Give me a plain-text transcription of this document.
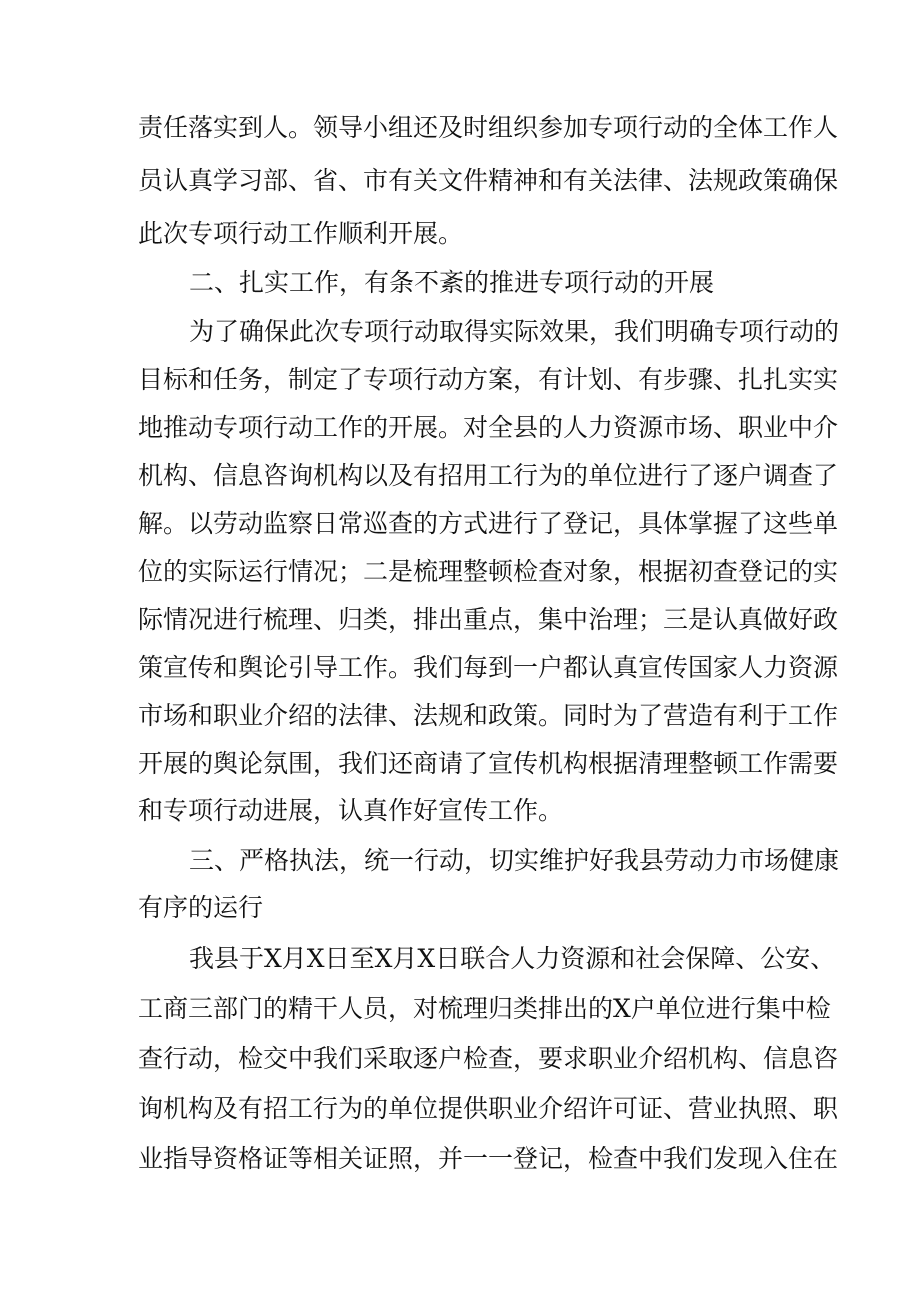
责任落实到人。领导小组还及时组织参加专项行动的全体工作人
员认真学习部、省、市有关文件精神和有关法律、法规政策确保
此次专项行动工作顺利开展。
二、扎实工作，有条不紊的推进专项行动的开展
为了确保此次专项行动取得实际效果，我们明确专项行动的
目标和任务，制定了专项行动方案，有计划、有步骤、扎扎实实
地推动专项行动工作的开展。对全县的人力资源市场、职业中介
机构、信息咨询机构以及有招用工行为的单位进行了逐户调查了
解。以劳动监察日常巡查的方式进行了登记，具体掌握了这些单
位的实际运行情况；二是梳理整顿检查对象，根据初查登记的实
际情况进行梳理、归类，排出重点，集中治理；三是认真做好政
策宣传和舆论引导工作。我们每到一户都认真宣传国家人力资源
市场和职业介绍的法律、法规和政策。同时为了营造有利于工作
开展的舆论氛围，我们还商请了宣传机构根据清理整顿工作需要
和专项行动进展，认真作好宣传工作。
三、严格执法，统一行动，切实维护好我县劳动力市场健康
有序的运行
我县于X月X日至X月X日联合人力资源和社会保障、公安、
工商三部门的精干人员，对梳理归类排出的X户单位进行集中检
查行动，检交中我们采取逐户检查，要求职业介绍机构、信息咨
询机构及有招工行为的单位提供职业介绍许可证、营业执照、职
业指导资格证等相关证照，并一一登记，检查中我们发现入住在
